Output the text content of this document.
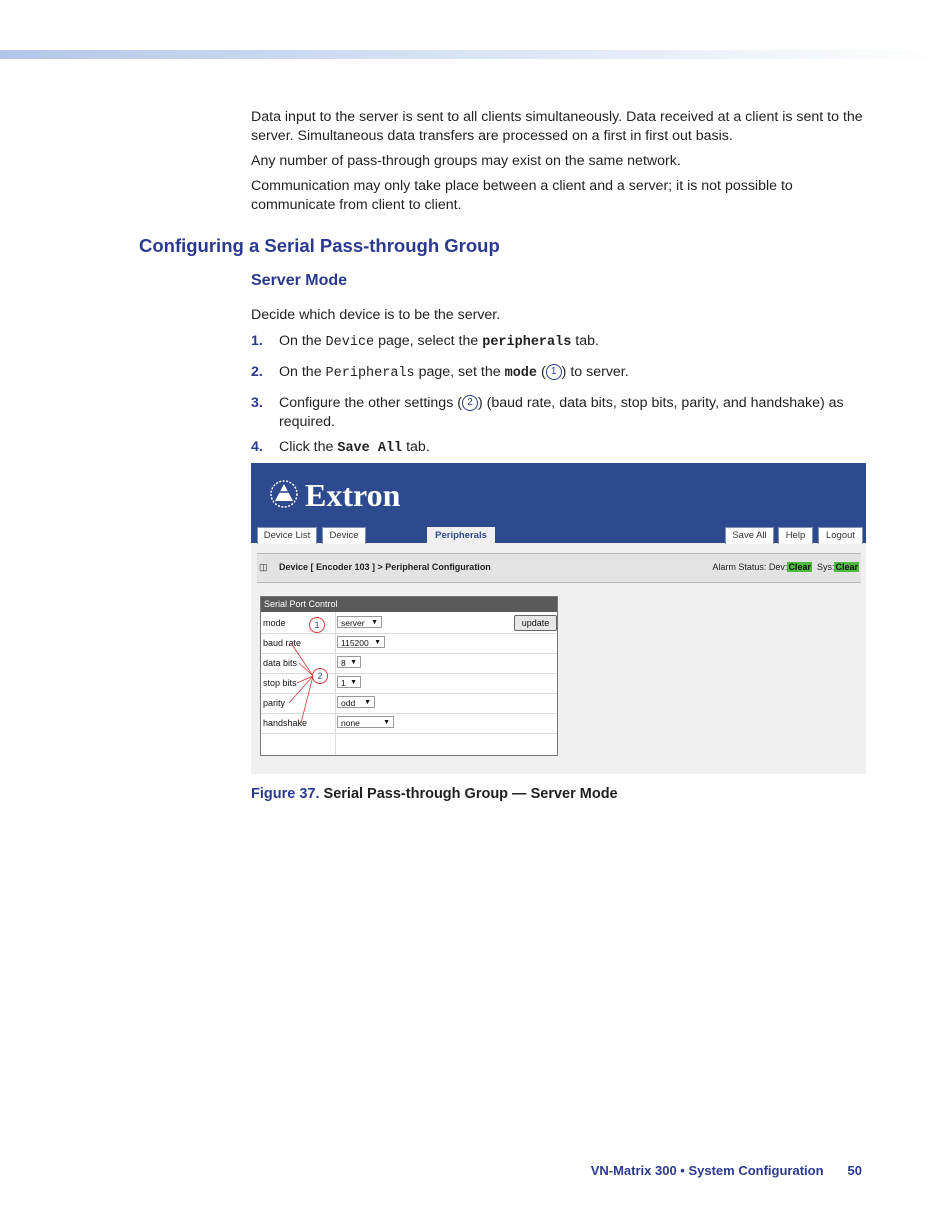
Data input to the server is sent to all clients simultaneously. Data received at a client is sent to the server. Simultaneous data transfers are processed on a first in first out basis.

Any number of pass-through groups may exist on the same network.

Communication may only take place between a client and a server; it is not possible to communicate from client to client.

Configuring a Serial Pass-through Group
Server Mode

Decide which device is to be the server.

1. On the Device page, select the peripherals tab.
2. On the Peripherals page, set the mode ( 1 ) to server.
3. Configure the other settings ( 2 ) (baud rate, data bits, stop bits, parity, and handshake) as required.
4. Click the Save All tab.
Extron
Device List	Device	Peripherals	Save All	Help	Logout
◫ Device [ Encoder 103 ] > Peripheral Configuration	Alarm Status: Dev:Clear Sys:Clear
Serial Port Control
mode	server ▼	update
baud rate	115200 ▼
data bits	8 ▼
stop bits	1 ▼
parity	odd ▼
handshake	none	▼
1
2
Figure 37. Serial Pass-through Group — Server Mode
VN-Matrix 300 • System Configuration 50
